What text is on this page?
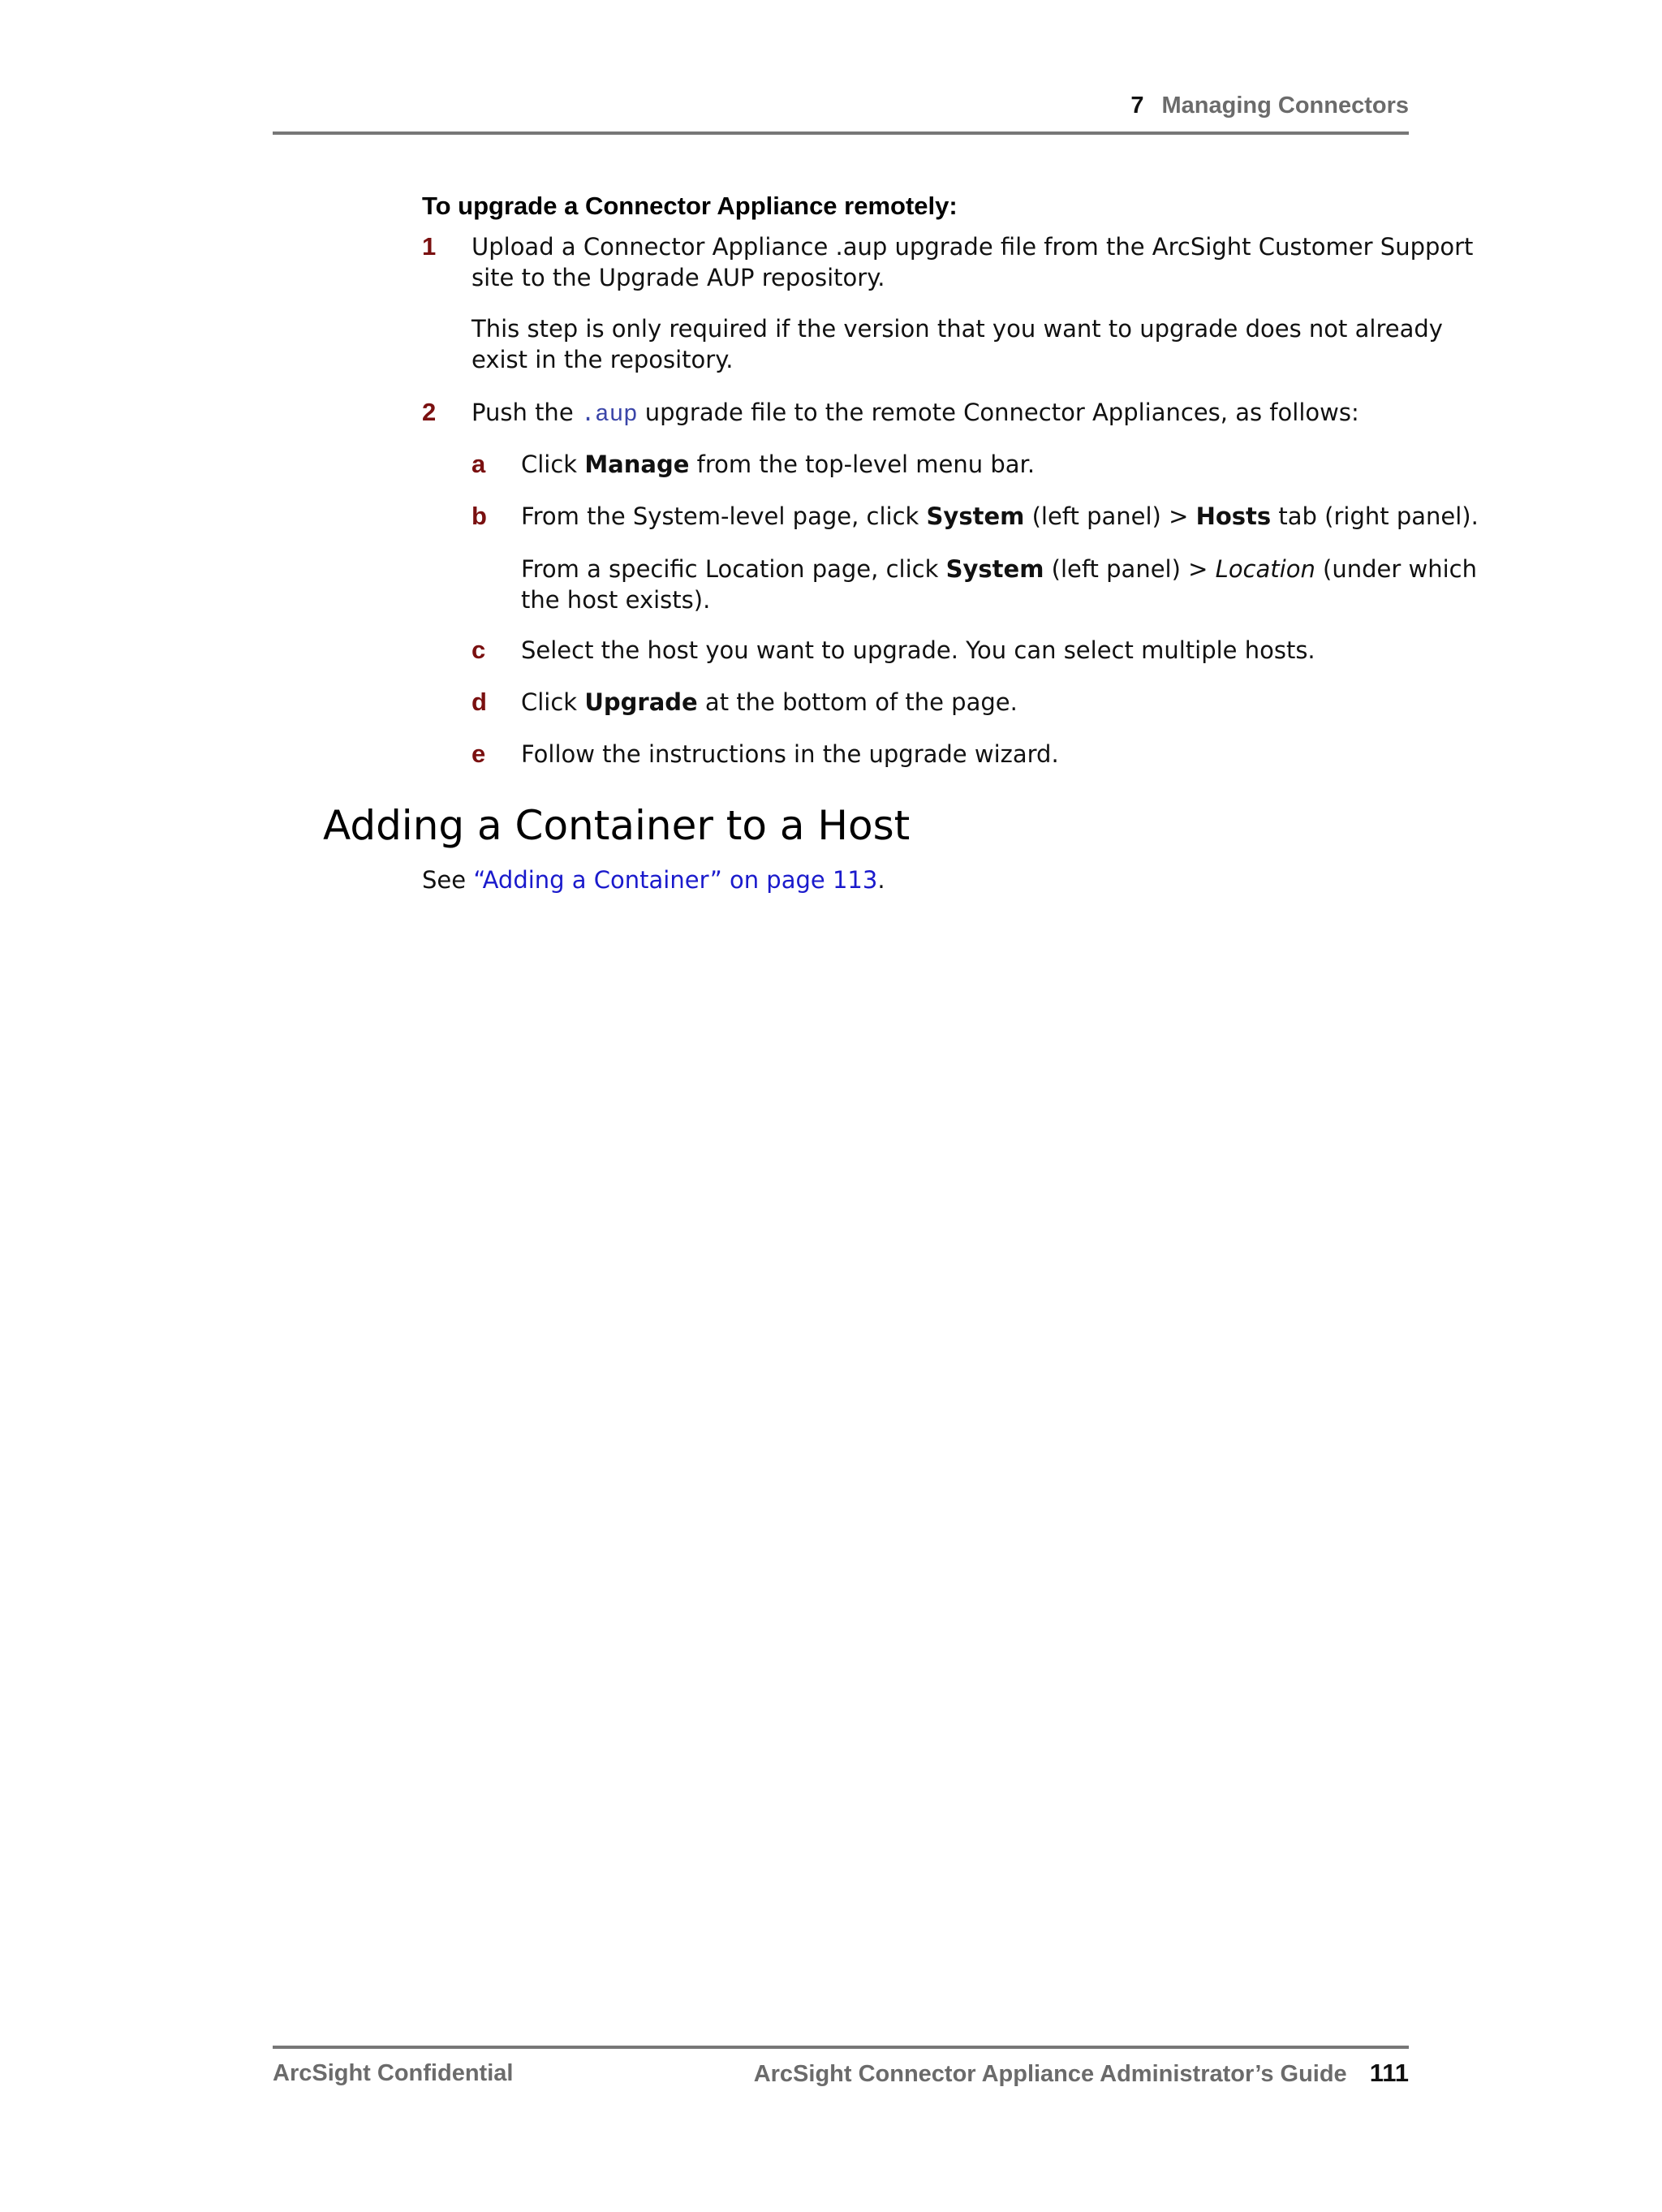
7 Managing Connectors
To upgrade a Connector Appliance remotely:
1 Upload a Connector Appliance .aup upgrade file from the ArcSight Customer Support
site to the Upgrade AUP repository.
This step is only required if the version that you want to upgrade does not already
exist in the repository.
2 Push the .aup upgrade file to the remote Connector Appliances, as follows:
a Click Manage from the top-level menu bar.
b From the System-level page, click System (left panel) > Hosts tab (right panel).
From a specific Location page, click System (left panel) > Location (under which
the host exists).
c Select the host you want to upgrade. You can select multiple hosts.
d Click Upgrade at the bottom of the page.
e Follow the instructions in the upgrade wizard.
Adding a Container to a Host
See “Adding a Container” on page 113.
ArcSight Confidential	ArcSight Connector Appliance Administrator’s Guide 111
